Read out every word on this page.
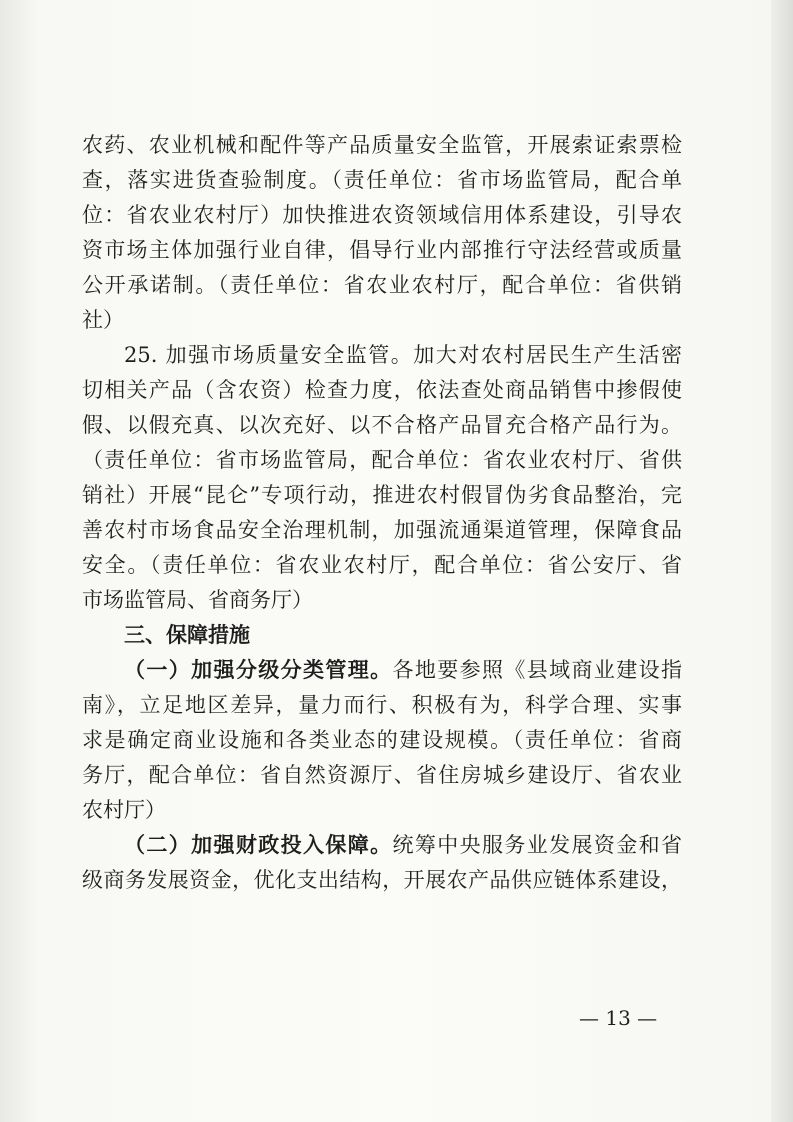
农药、农业机械和配件等产品质量安全监管，开展索证索票检
查，落实进货查验制度。（责任单位：省市场监管局，配合单
位：省农业农村厅）加快推进农资领域信用体系建设，引导农
资市场主体加强行业自律，倡导行业内部推行守法经营或质量
公开承诺制。（责任单位：省农业农村厅，配合单位：省供销
社）
25. 加强市场质量安全监管。加大对农村居民生产生活密
切相关产品（含农资）检查力度，依法查处商品销售中掺假使
假、以假充真、以次充好、以不合格产品冒充合格产品行为。
（责任单位：省市场监管局，配合单位：省农业农村厅、省供
销社）开展“昆仑”专项行动，推进农村假冒伪劣食品整治，完
善农村市场食品安全治理机制，加强流通渠道管理，保障食品
安全。（责任单位：省农业农村厅，配合单位：省公安厅、省
市场监管局、省商务厅）
三、保障措施
（一）加强分级分类管理。各地要参照《县域商业建设指
南》，立足地区差异，量力而行、积极有为，科学合理、实事
求是确定商业设施和各类业态的建设规模。（责任单位：省商
务厅，配合单位：省自然资源厅、省住房城乡建设厅、省农业
农村厅）
（二）加强财政投入保障。统筹中央服务业发展资金和省
级商务发展资金，优化支出结构，开展农产品供应链体系建设，
— 13 —
